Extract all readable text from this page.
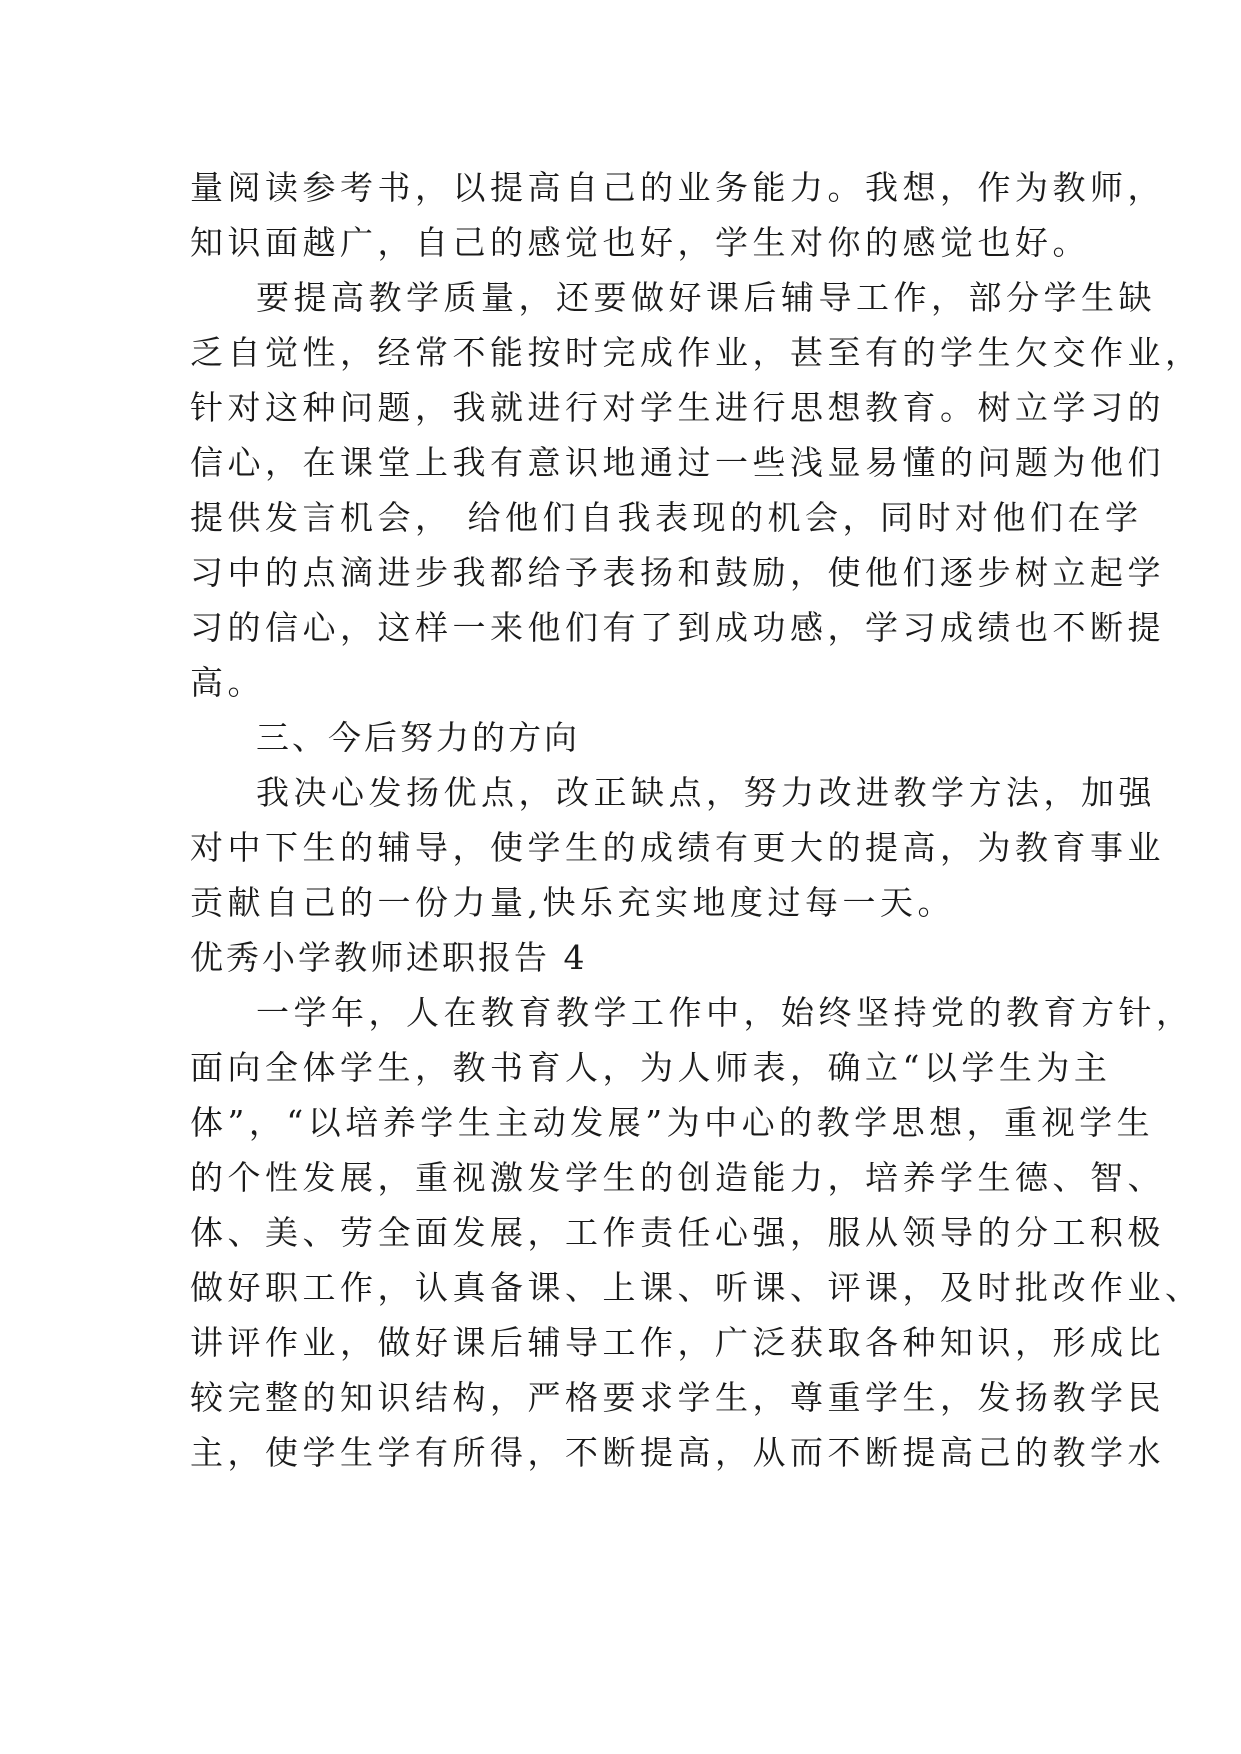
量阅读参考书，以提高自己的业务能力。我想，作为教师，
知识面越广，自己的感觉也好，学生对你的感觉也好。
要提高教学质量，还要做好课后辅导工作，部分学生缺
乏自觉性，经常不能按时完成作业，甚至有的学生欠交作业，
针对这种问题，我就进行对学生进行思想教育。树立学习的
信心，在课堂上我有意识地通过一些浅显易懂的问题为他们
提供发言机会， 给他们自我表现的机会，同时对他们在学
习中的点滴进步我都给予表扬和鼓励，使他们逐步树立起学
习的信心，这样一来他们有了到成功感，学习成绩也不断提
高。
三、今后努力的方向
我决心发扬优点，改正缺点，努力改进教学方法，加强
对中下生的辅导，使学生的成绩有更大的提高，为教育事业
贡献自己的一份力量,快乐充实地度过每一天。
优秀小学教师述职报告 4
一学年，人在教育教学工作中，始终坚持党的教育方针，
面向全体学生，教书育人，为人师表，确立“以学生为主
体”，“以培养学生主动发展”为中心的教学思想，重视学生
的个性发展，重视激发学生的创造能力，培养学生德、智、
体、美、劳全面发展，工作责任心强，服从领导的分工积极
做好职工作，认真备课、上课、听课、评课，及时批改作业、
讲评作业，做好课后辅导工作，广泛获取各种知识，形成比
较完整的知识结构，严格要求学生，尊重学生，发扬教学民
主，使学生学有所得，不断提高，从而不断提高己的教学水
